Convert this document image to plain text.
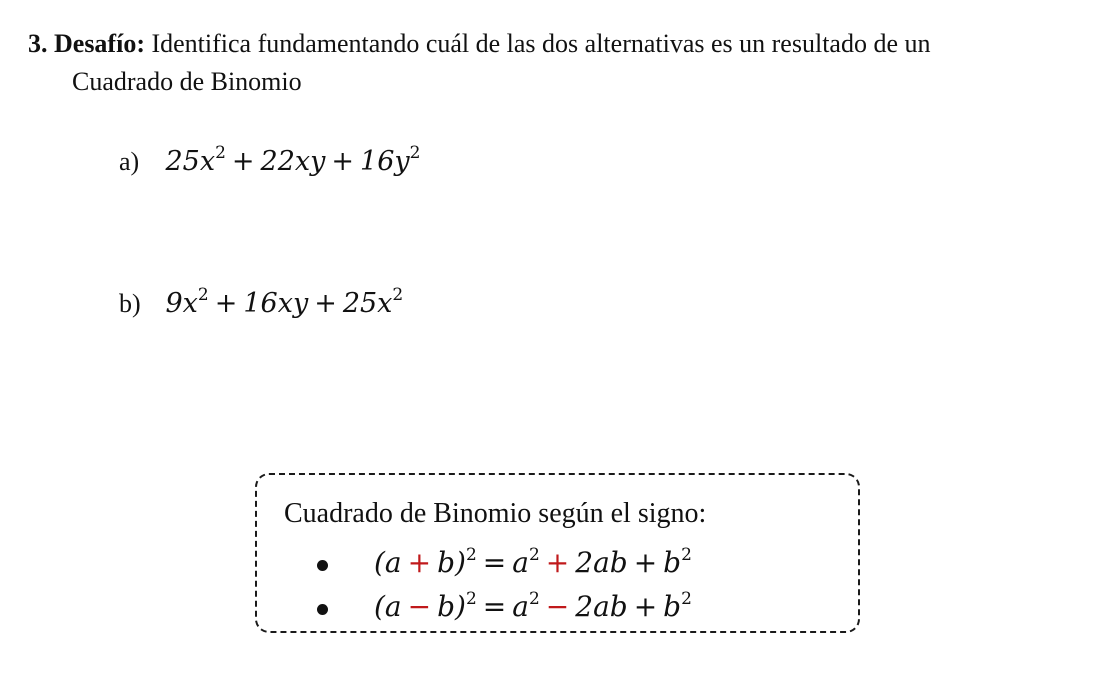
3. Desafío: Identifica fundamentando cuál de las dos alternativas es un resultado de un
Cuadrado de Binomio
a) $25x^2 + 22xy + 16y^2$
b) $9x^2 + 16xy + 25x^2$
Cuadrado de Binomio según el signo:
$(a + b)^2 = a^2 + 2ab + b^2$
$(a - b)^2 = a^2 - 2ab + b^2$
